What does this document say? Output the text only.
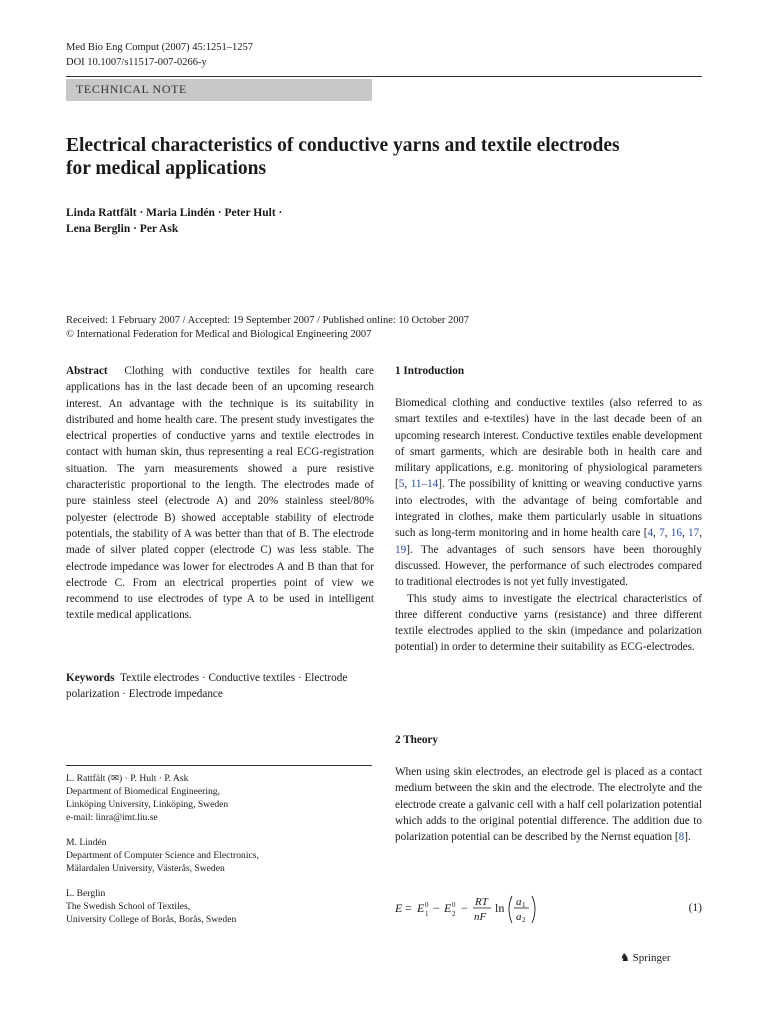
Med Bio Eng Comput (2007) 45:1251–1257
DOI 10.1007/s11517-007-0266-y
TECHNICAL NOTE
Electrical characteristics of conductive yarns and textile electrodes for medical applications
Linda Rattfält · Maria Lindén · Peter Hult ·
Lena Berglin · Per Ask
Received: 1 February 2007 / Accepted: 19 September 2007 / Published online: 10 October 2007
© International Federation for Medical and Biological Engineering 2007

Abstract Clothing with conductive textiles for health care applications has in the last decade been of an upcoming research interest. An advantage with the technique is its suitability in distributed and home health care. The present study investigates the electrical properties of conductive yarns and textile electrodes in contact with human skin, thus representing a real ECG-registration situation. The yarn measurements showed a pure resistive characteristic proportional to the length. The electrodes made of pure stainless steel (electrode A) and 20% stainless steel/80% polyester (electrode B) showed acceptable stability of electrode potentials, the stability of A was better than that of B. The electrode made of silver plated copper (electrode C) was less stable. The electrode impedance was lower for electrodes A and B than that for electrode C. From an electrical properties point of view we recommend to use electrodes of type A to be used in intelligent textile medical applications.

Keywords Textile electrodes · Conductive textiles · Electrode polarization · Electrode impedance

L. Rattfält (✉) · P. Hult · P. Ask
Department of Biomedical Engineering,
Linköping University, Linköping, Sweden
e-mail: linra@imt.liu.se
M. Lindén
Department of Computer Science and Electronics,
Mälardalen University, Västerås, Sweden
L. Berglin
The Swedish School of Textiles,
University College of Borås, Borås, Sweden
1 Introduction

Biomedical clothing and conductive textiles (also referred to as smart textiles and e-textiles) have in the last decade been of an upcoming research interest. Conductive textiles enable development of smart garments, which are desirable both in health care and military applications, e.g. monitoring of physiological parameters [5, 11–14]. The possibility of knitting or weaving conductive yarns into electrodes, with the advantage of being comfortable and integrated in clothes, make them particularly usable in situations such as long-term monitoring and in home health care [4, 7, 16, 17, 19]. The advantages of such sensors have been thoroughly discussed. However, the performance of such electrodes compared to traditional electrodes is not yet fully investigated.

This study aims to investigate the electrical characteristics of three different conductive yarns (resistance) and three different textile electrodes applied to the skin (impedance and polarization potential) in order to determine their suitability as ECG-electrodes.

2 Theory

When using skin electrodes, an electrode gel is placed as a contact medium between the skin and the electrode. The electrolyte and the electrode create a galvanic cell with a half cell polarization potential which adds to the original potential difference. The addition due to polarization potential can be described by the Nernst equation [8].

E = E 0
1 − E 0
2 − RT
nF
ln a 1
a 2
(1)
♞ Springer
